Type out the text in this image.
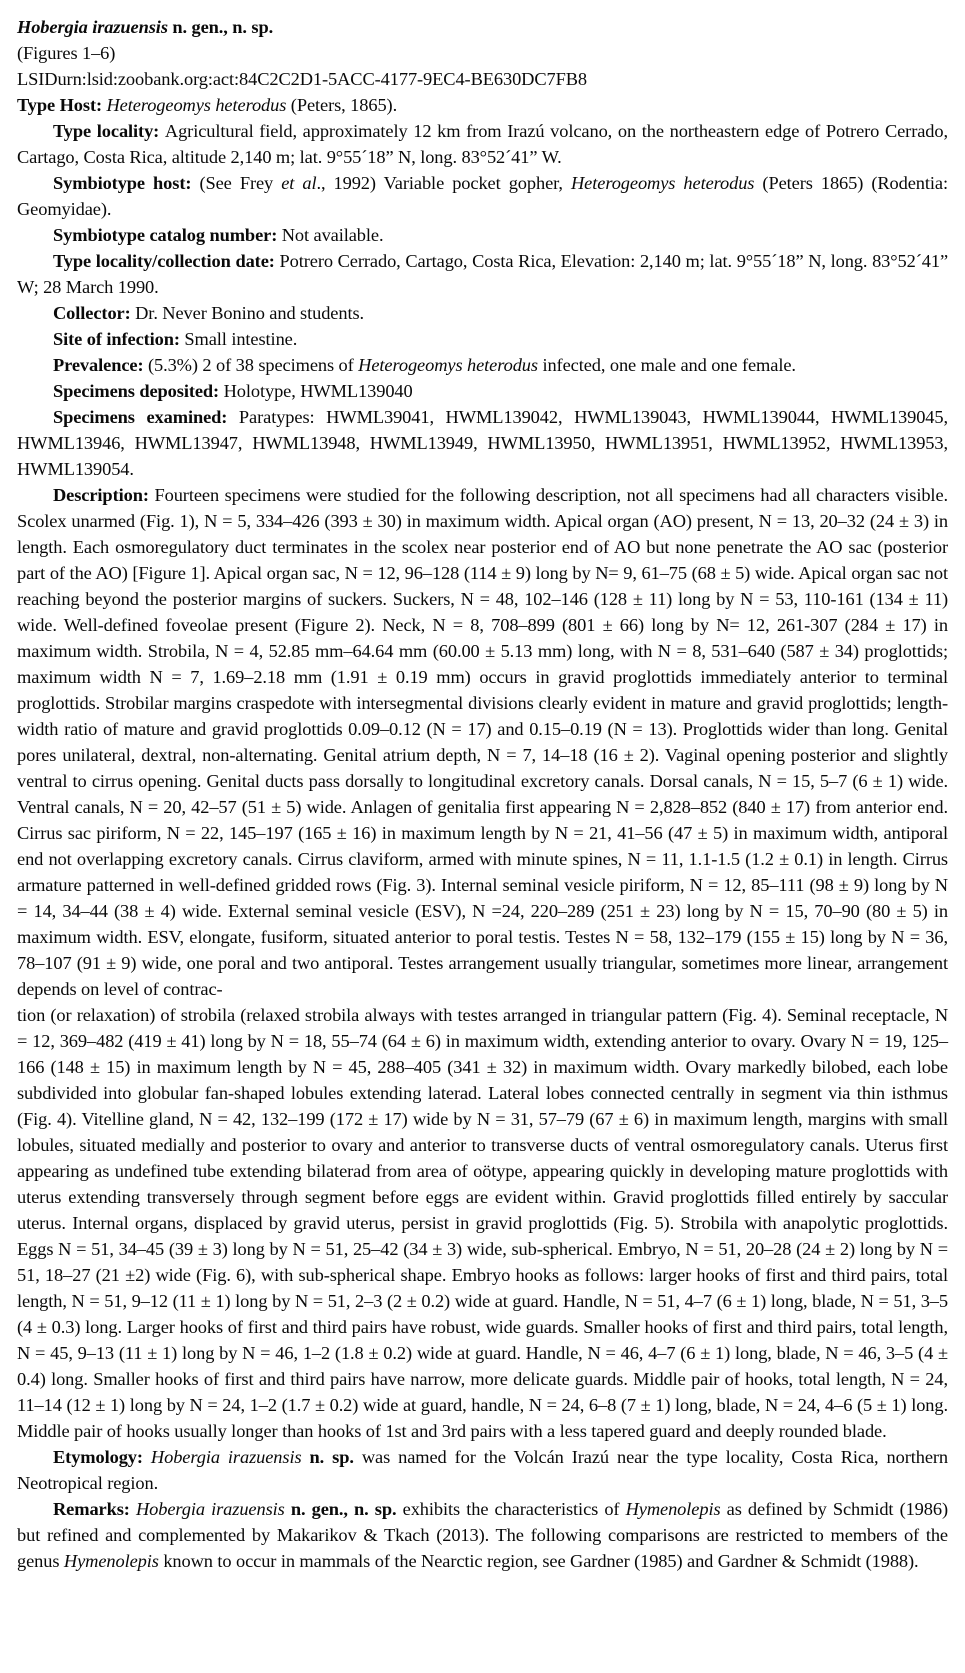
Hobergia irazuensis n. gen., n. sp.

(Figures 1–6)

LSIDurn:lsid:zoobank.org:act:84C2C2D1-5ACC-4177-9EC4-BE630DC7FB8

Type Host: Heterogeomys heterodus (Peters, 1865).

Type locality: Agricultural field, approximately 12 km from Irazú volcano, on the northeastern edge of Potrero Cerrado, Cartago, Costa Rica, altitude 2,140 m; lat. 9°55´18” N, long. 83°52´41” W.

Symbiotype host: (See Frey et al., 1992) Variable pocket gopher, Heterogeomys heterodus (Peters 1865) (Rodentia: Geomyidae).

Symbiotype catalog number: Not available.

Type locality/collection date: Potrero Cerrado, Cartago, Costa Rica, Elevation: 2,140 m; lat. 9°55´18” N, long. 83°52´41” W; 28 March 1990.

Collector: Dr. Never Bonino and students.

Site of infection: Small intestine.

Prevalence: (5.3%) 2 of 38 specimens of Heterogeomys heterodus infected, one male and one female.

Specimens deposited: Holotype, HWML139040

Specimens examined: Paratypes: HWML39041, HWML139042, HWML139043, HWML139044, HWML139045, HWML13946, HWML13947, HWML13948, HWML13949, HWML13950, HWML13951, HWML13952, HWML13953, HWML139054.

Description: Fourteen specimens were studied for the following description, not all specimens had all characters visible. Scolex unarmed (Fig. 1), N = 5, 334–426 (393 ± 30) in maximum width. Apical organ (AO) present, N = 13, 20–32 (24 ± 3) in length. Each osmoregulatory duct terminates in the scolex near posterior end of AO but none penetrate the AO sac (posterior part of the AO) [Figure 1]. Apical organ sac, N = 12, 96–128 (114 ± 9) long by N= 9, 61–75 (68 ± 5) wide. Apical organ sac not reaching beyond the posterior margins of suckers. Suckers, N = 48, 102–146 (128 ± 11) long by N = 53, 110-161 (134 ± 11) wide. Well-defined foveolae present (Figure 2). Neck, N = 8, 708–899 (801 ± 66) long by N= 12, 261-307 (284 ± 17) in maximum width. Strobila, N = 4, 52.85 mm–64.64 mm (60.00 ± 5.13 mm) long, with N = 8, 531–640 (587 ± 34) proglottids; maximum width N = 7, 1.69–2.18 mm (1.91 ± 0.19 mm) occurs in gravid proglottids immediately anterior to terminal proglottids. Strobilar margins craspedote with intersegmental divisions clearly evident in mature and gravid proglottids; length-width ratio of mature and gravid proglottids 0.09–0.12 (N = 17) and 0.15–0.19 (N = 13). Proglottids wider than long. Genital pores unilateral, dextral, non-alternating. Genital atrium depth, N = 7, 14–18 (16 ± 2). Vaginal opening posterior and slightly ventral to cirrus opening. Genital ducts pass dorsally to longitudinal excretory canals. Dorsal canals, N = 15, 5–7 (6 ± 1) wide. Ventral canals, N = 20, 42–57 (51 ± 5) wide. Anlagen of genitalia first appearing N = 2,828–852 (840 ± 17) from anterior end. Cirrus sac piriform, N = 22, 145–197 (165 ± 16) in maximum length by N = 21, 41–56 (47 ± 5) in maximum width, antiporal end not overlapping excretory canals. Cirrus claviform, armed with minute spines, N = 11, 1.1-1.5 (1.2 ± 0.1) in length. Cirrus armature patterned in well-defined gridded rows (Fig. 3). Internal seminal vesicle piriform, N = 12, 85–111 (98 ± 9) long by N = 14, 34–44 (38 ± 4) wide. External seminal vesicle (ESV), N =24, 220–289 (251 ± 23) long by N = 15, 70–90 (80 ± 5) in maximum width. ESV, elongate, fusiform, situated anterior to poral testis. Testes N = 58, 132–179 (155 ± 15) long by N = 36, 78–107 (91 ± 9) wide, one poral and two antiporal. Testes arrangement usually triangular, sometimes more linear, arrangement depends on level of contrac-

tion (or relaxation) of strobila (relaxed strobila always with testes arranged in triangular pattern (Fig. 4). Seminal receptacle, N = 12, 369–482 (419 ± 41) long by N = 18, 55–74 (64 ± 6) in maximum width, extending anterior to ovary. Ovary N = 19, 125–166 (148 ± 15) in maximum length by N = 45, 288–405 (341 ± 32) in maximum width. Ovary markedly bilobed, each lobe subdivided into globular fan-shaped lobules extending laterad. Lateral lobes connected centrally in segment via thin isthmus (Fig. 4). Vitelline gland, N = 42, 132–199 (172 ± 17) wide by N = 31, 57–79 (67 ± 6) in maximum length, margins with small lobules, situated medially and posterior to ovary and anterior to transverse ducts of ventral osmoregulatory canals. Uterus first appearing as undefined tube extending bilaterad from area of oötype, appearing quickly in developing mature proglottids with uterus extending transversely through segment before eggs are evident within. Gravid proglottids filled entirely by saccular uterus. Internal organs, displaced by gravid uterus, persist in gravid proglottids (Fig. 5). Strobila with anapolytic proglottids. Eggs N = 51, 34–45 (39 ± 3) long by N = 51, 25–42 (34 ± 3) wide, sub-spherical. Embryo, N = 51, 20–28 (24 ± 2) long by N = 51, 18–27 (21 ±2) wide (Fig. 6), with sub-spherical shape. Embryo hooks as follows: larger hooks of first and third pairs, total length, N = 51, 9–12 (11 ± 1) long by N = 51, 2–3 (2 ± 0.2) wide at guard. Handle, N = 51, 4–7 (6 ± 1) long, blade, N = 51, 3–5 (4 ± 0.3) long. Larger hooks of first and third pairs have robust, wide guards. Smaller hooks of first and third pairs, total length, N = 45, 9–13 (11 ± 1) long by N = 46, 1–2 (1.8 ± 0.2) wide at guard. Handle, N = 46, 4–7 (6 ± 1) long, blade, N = 46, 3–5 (4 ± 0.4) long. Smaller hooks of first and third pairs have narrow, more delicate guards. Middle pair of hooks, total length, N = 24, 11–14 (12 ± 1) long by N = 24, 1–2 (1.7 ± 0.2) wide at guard, handle, N = 24, 6–8 (7 ± 1) long, blade, N = 24, 4–6 (5 ± 1) long. Middle pair of hooks usually longer than hooks of 1st and 3rd pairs with a less tapered guard and deeply rounded blade.

Etymology: Hobergia irazuensis n. sp. was named for the Volcán Irazú near the type locality, Costa Rica, northern Neotropical region.

Remarks: Hobergia irazuensis n. gen., n. sp. exhibits the characteristics of Hymenolepis as defined by Schmidt (1986) but refined and complemented by Makarikov & Tkach (2013). The following comparisons are restricted to members of the genus Hymenolepis known to occur in mammals of the Nearctic region, see Gardner (1985) and Gardner & Schmidt (1988).
